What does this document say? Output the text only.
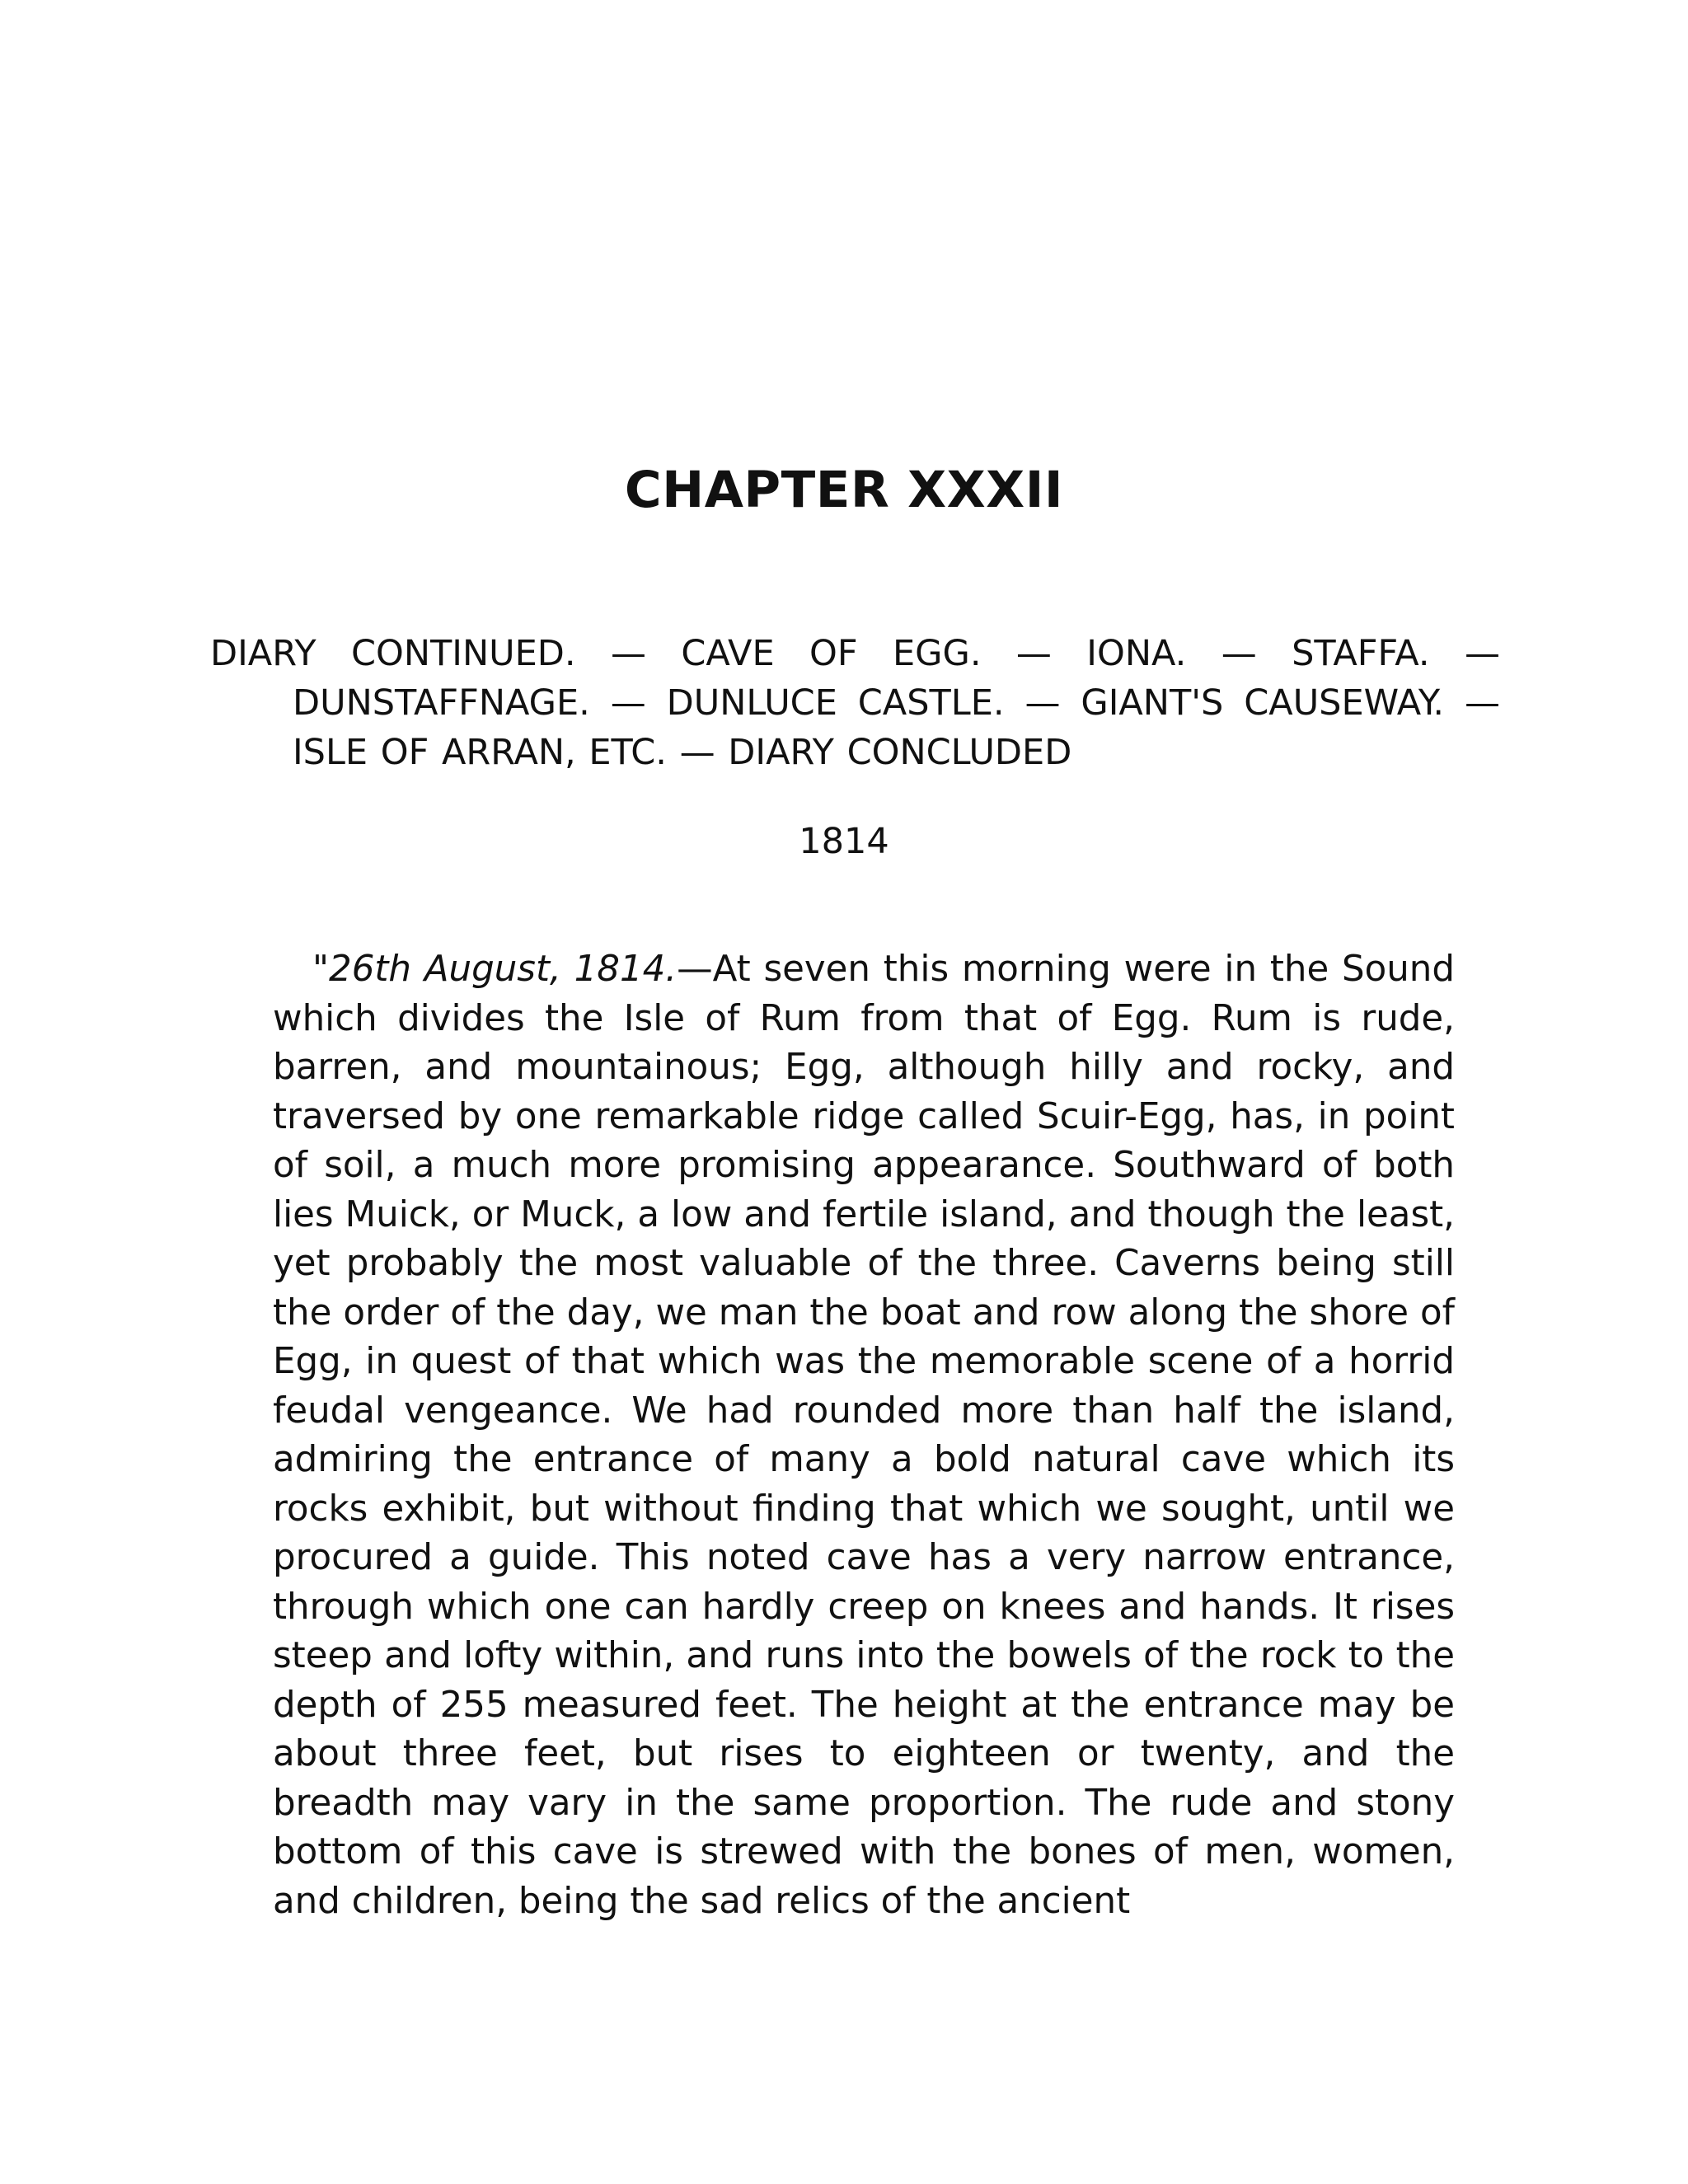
CHAPTER XXXII

DIARY CONTINUED. — CAVE OF EGG. — IONA. — STAFFA. — DUNSTAFFNAGE. — DUNLUCE CASTLE. — GIANT'S CAUSEWAY. — ISLE OF ARRAN, ETC. — DIARY CONCLUDED

1814

"26th August, 1814.—At seven this morning were in the Sound which divides the Isle of Rum from that of Egg. Rum is rude, barren, and mountainous; Egg, although hilly and rocky, and traversed by one remarkable ridge called Scuir-Egg, has, in point of soil, a much more promising appearance. Southward of both lies Muick, or Muck, a low and fertile island, and though the least, yet probably the most valuable of the three. Caverns being still the order of the day, we man the boat and row along the shore of Egg, in quest of that which was the memorable scene of a horrid feudal vengeance. We had rounded more than half the island, admiring the entrance of many a bold natural cave which its rocks exhibit, but without finding that which we sought, until we procured a guide. This noted cave has a very narrow entrance, through which one can hardly creep on knees and hands. It rises steep and lofty within, and runs into the bowels of the rock to the depth of 255 measured feet. The height at the entrance may be about three feet, but rises to eighteen or twenty, and the breadth may vary in the same proportion. The rude and stony bottom of this cave is strewed with the bones of men, women, and children, being the sad relics of the ancient
